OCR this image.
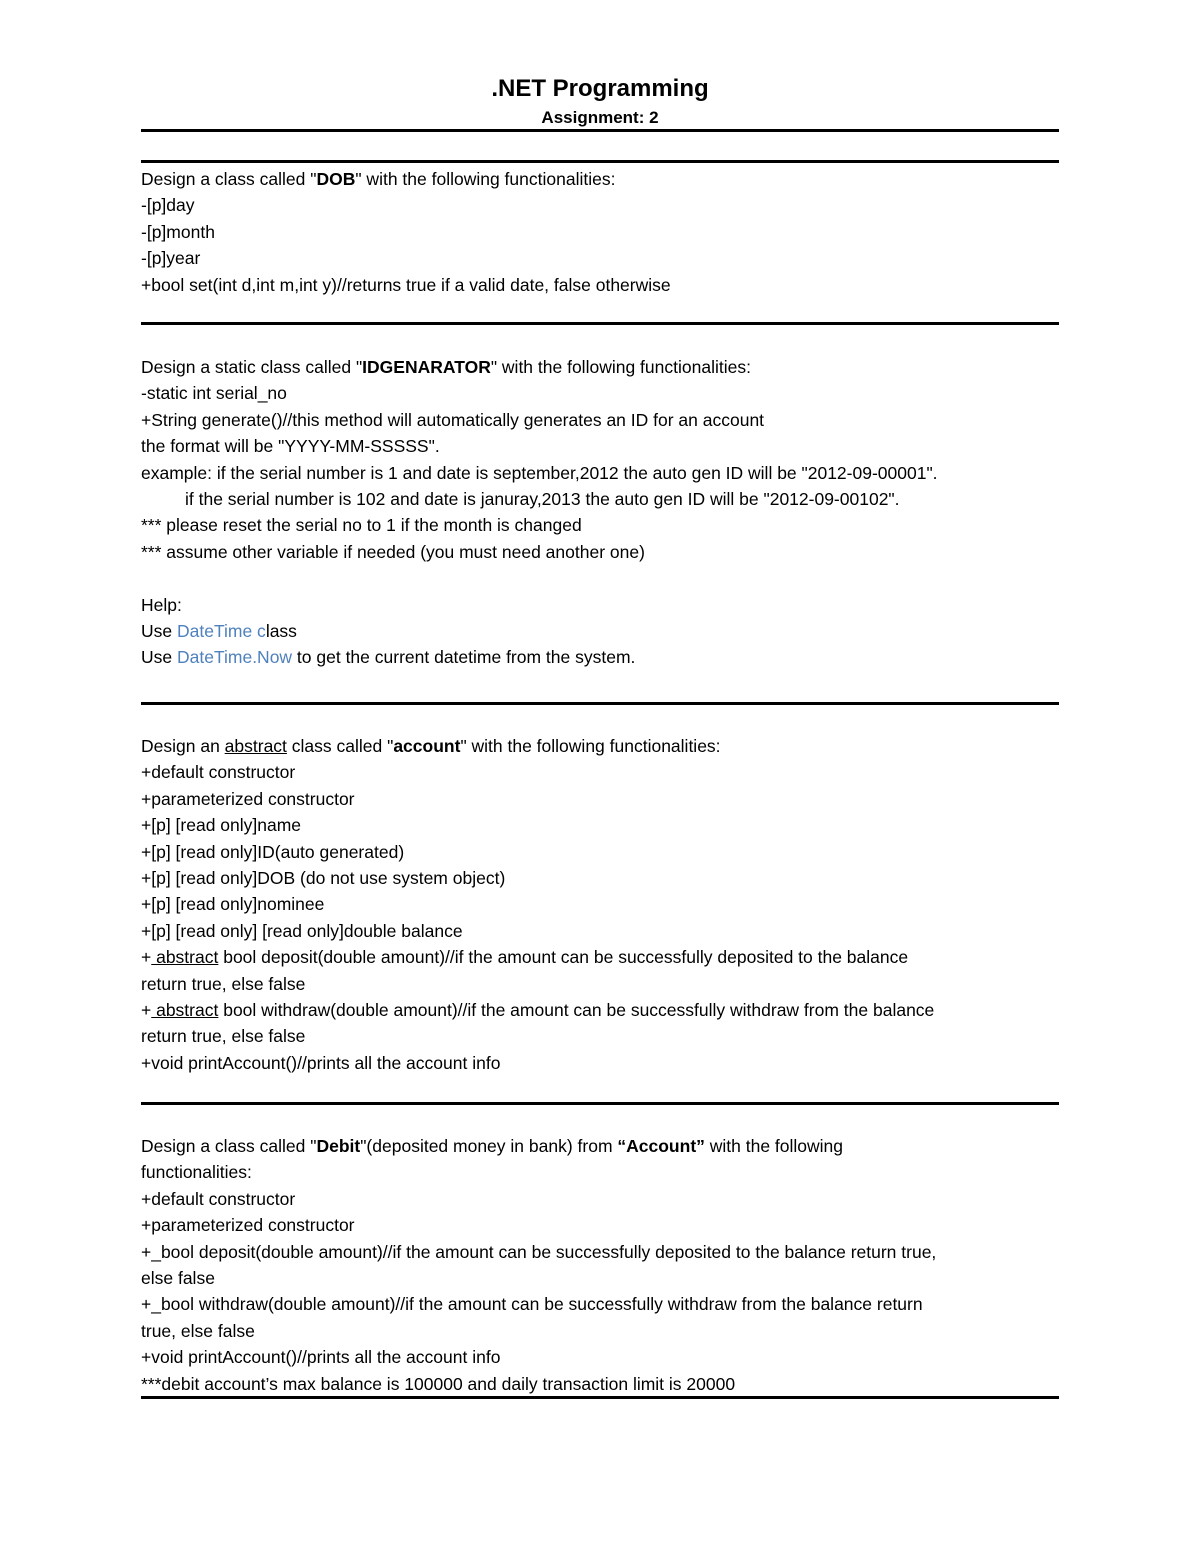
.NET Programming
Assignment: 2
Design a class called "DOB" with the following functionalities:
-[p]day
-[p]month
-[p]year
+bool set(int d,int m,int y)//returns true if a valid date, false otherwise
Design a static class called "IDGENARATOR" with the following functionalities:
-static int serial_no
+String generate()//this method will automatically generates an ID for an account
the format will be "YYYY-MM-SSSSS".
example: if the serial number is 1 and date is september,2012 the auto gen ID will be "2012-09-00001".
if the serial number is 102 and date is januray,2013 the auto gen ID will be "2012-09-00102".
*** please reset the serial no to 1 if the month is changed
*** assume other variable if needed (you must need another one)
Help:
Use DateTime class
Use DateTime.Now to get the current datetime from the system.
Design an abstract class called "account" with the following functionalities:
+default constructor
+parameterized constructor
+[p] [read only]name
+[p] [read only]ID(auto generated)
+[p] [read only]DOB (do not use system object)
+[p] [read only]nominee
+[p] [read only] [read only]double balance
+ abstract bool deposit(double amount)//if the amount can be successfully deposited to the balance
return true, else false
+ abstract bool withdraw(double amount)//if the amount can be successfully withdraw from the balance
return true, else false
+void printAccount()//prints all the account info
Design a class called "Debit"(deposited money in bank) from “Account” with the following
functionalities:
+default constructor
+parameterized constructor
+_bool deposit(double amount)//if the amount can be successfully deposited to the balance return true,
else false
+_bool withdraw(double amount)//if the amount can be successfully withdraw from the balance return
true, else false
+void printAccount()//prints all the account info
***debit account’s max balance is 100000 and daily transaction limit is 20000
